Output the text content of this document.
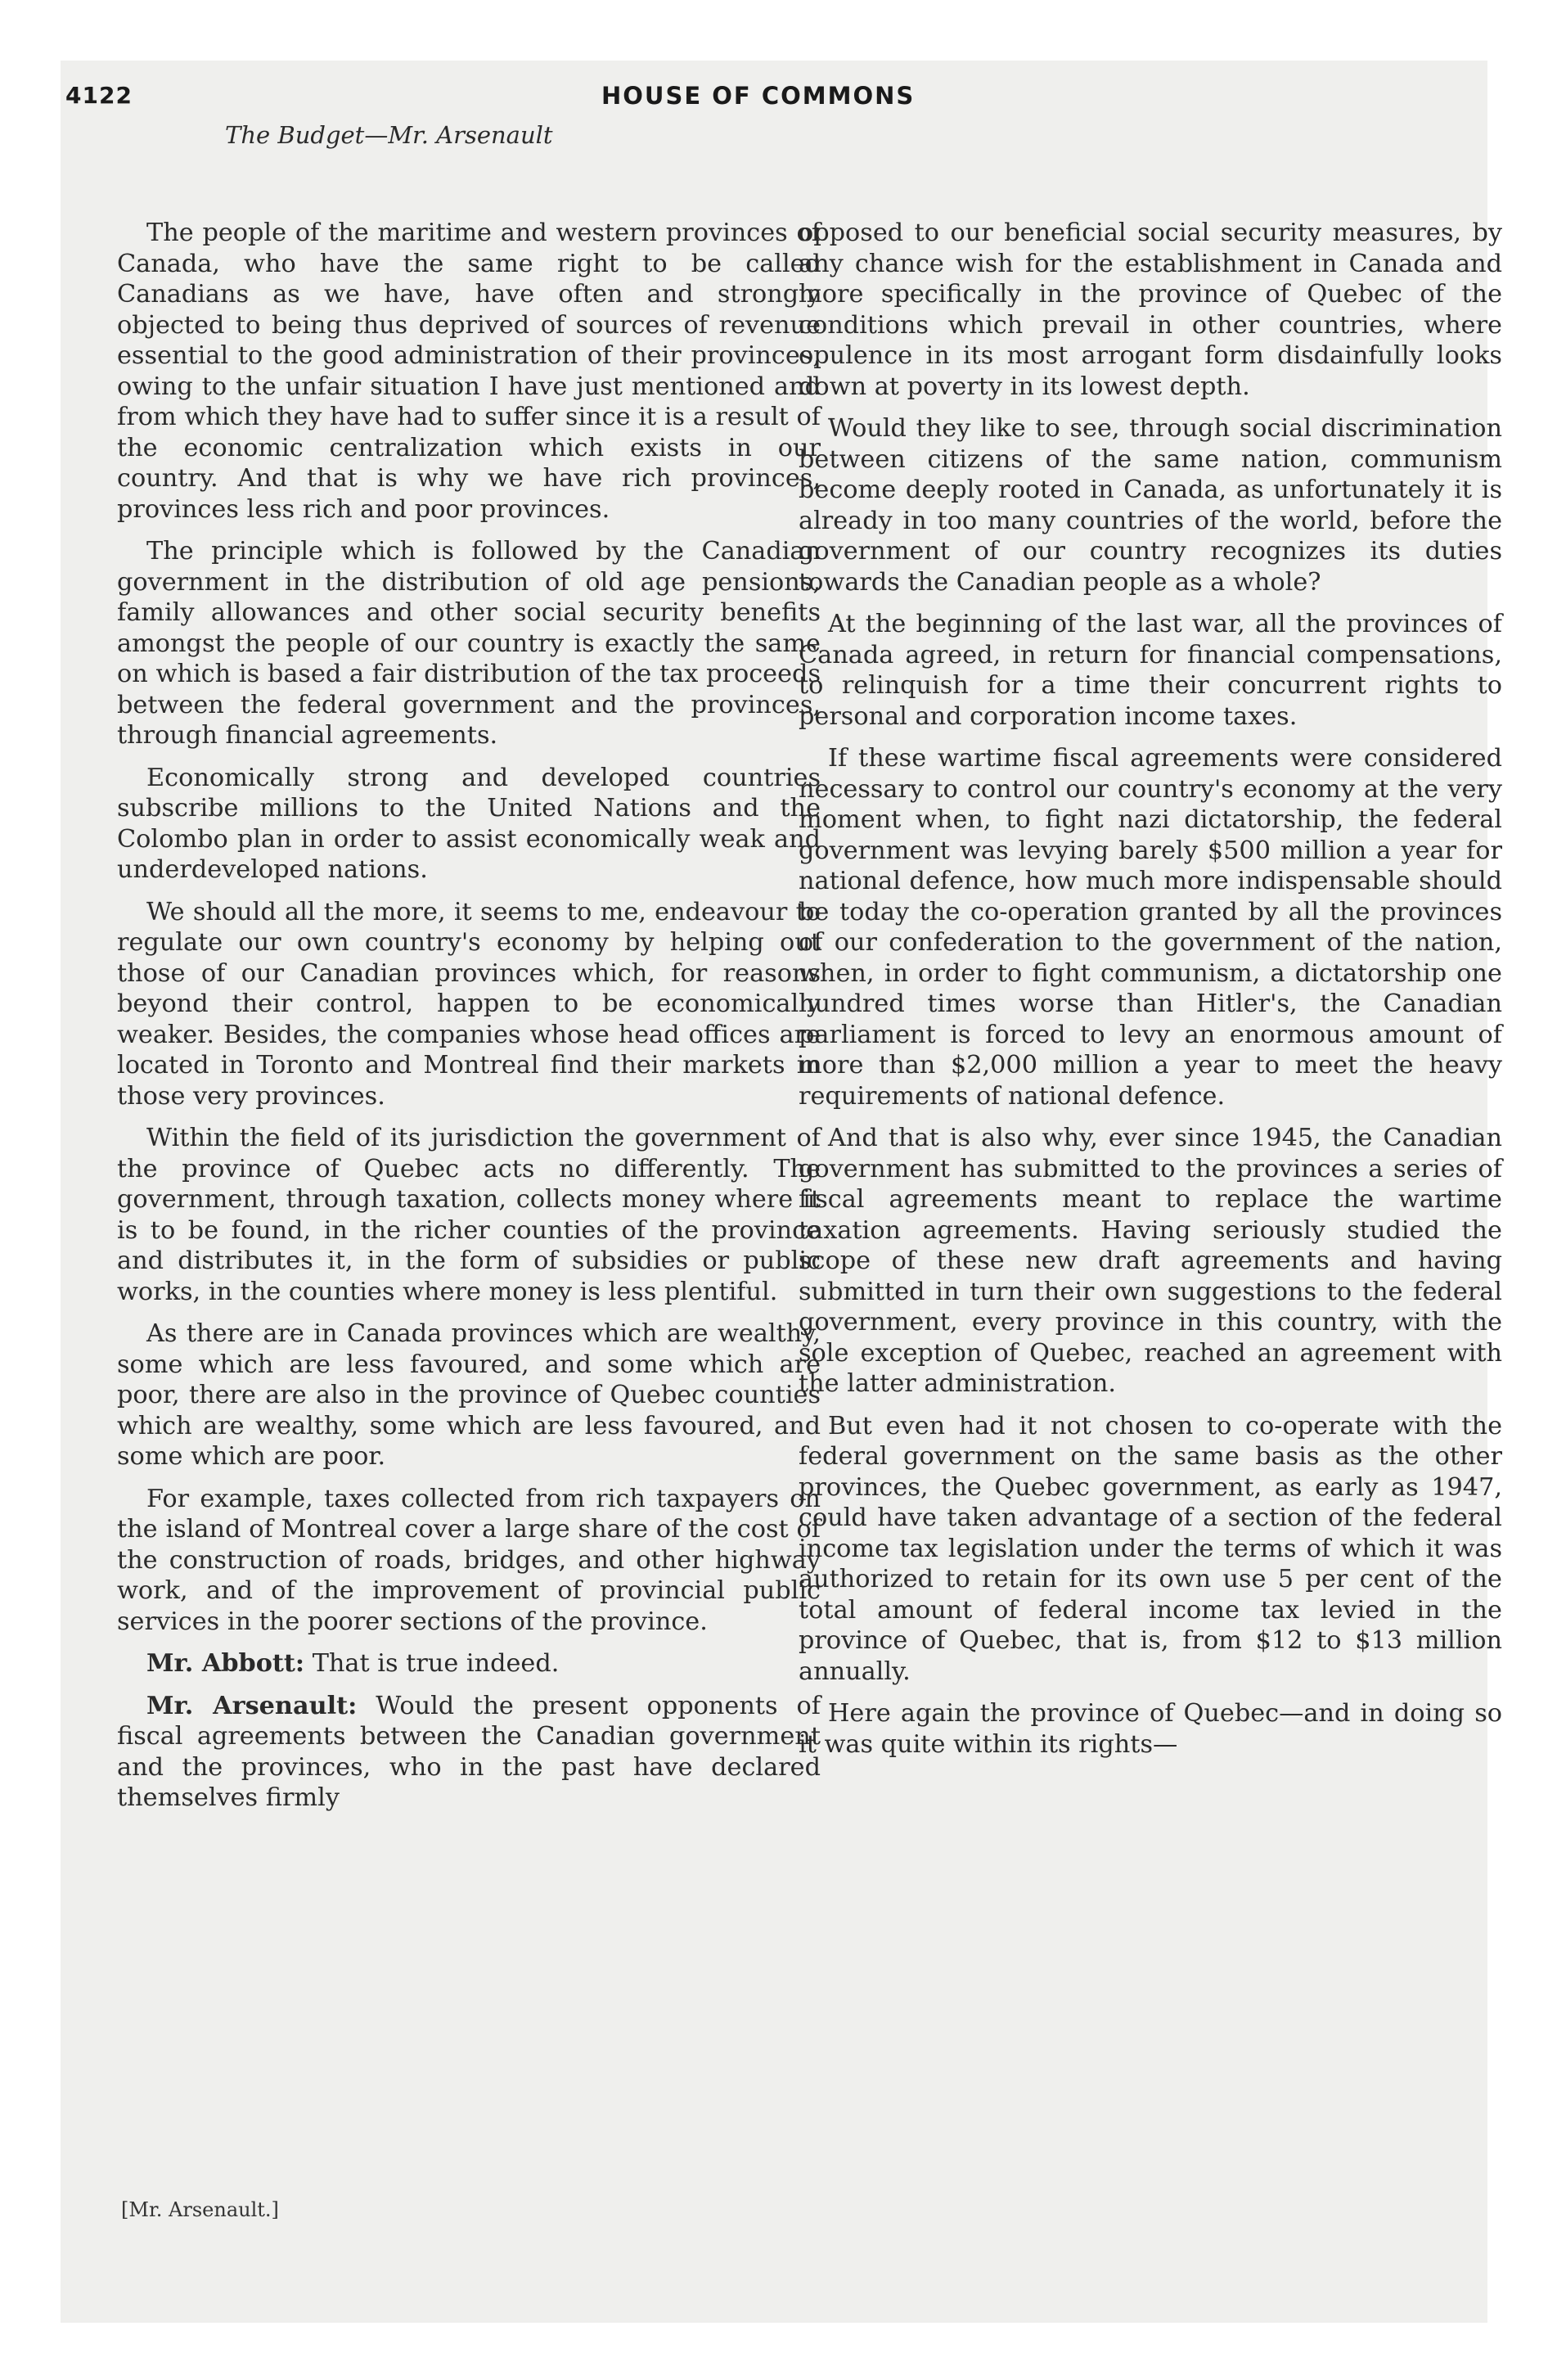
4122	HOUSE OF COMMONS
The Budget—Mr. Arsenault

The people of the maritime and western provinces of Canada, who have the same right to be called Canadians as we have, have often and strongly objected to being thus deprived of sources of revenue essential to the good administration of their provinces, owing to the unfair situation I have just mentioned and from which they have had to suffer since it is a result of the economic centralization which exists in our country. And that is why we have rich provinces, provinces less rich and poor provinces.

The principle which is followed by the Canadian government in the distribution of old age pensions, family allowances and other social security benefits amongst the people of our country is exactly the same on which is based a fair distribution of the tax proceeds between the federal government and the provinces, through financial agreements.

Economically strong and developed countries subscribe millions to the United Nations and the Colombo plan in order to assist economically weak and underdeveloped nations.

We should all the more, it seems to me, endeavour to regulate our own country's economy by helping out those of our Canadian provinces which, for reasons beyond their control, happen to be economically weaker. Besides, the companies whose head offices are located in Toronto and Montreal find their markets in those very provinces.

Within the field of its jurisdiction the government of the province of Quebec acts no differently. The government, through taxation, collects money where it is to be found, in the richer counties of the province and distributes it, in the form of subsidies or public works, in the counties where money is less plentiful.

As there are in Canada provinces which are wealthy, some which are less favoured, and some which are poor, there are also in the province of Quebec counties which are wealthy, some which are less favoured, and some which are poor.

For example, taxes collected from rich taxpayers on the island of Montreal cover a large share of the cost of the construction of roads, bridges, and other highway work, and of the improvement of provincial public services in the poorer sections of the province.

Mr. Abbott: That is true indeed.

Mr. Arsenault: Would the present opponents of fiscal agreements between the Canadian government and the provinces, who in the past have declared themselves firmly

opposed to our beneficial social security measures, by any chance wish for the establishment in Canada and more specifically in the province of Quebec of the conditions which prevail in other countries, where opulence in its most arrogant form disdainfully looks down at poverty in its lowest depth.

Would they like to see, through social discrimination between citizens of the same nation, communism become deeply rooted in Canada, as unfortunately it is already in too many countries of the world, before the government of our country recognizes its duties towards the Canadian people as a whole?

At the beginning of the last war, all the provinces of Canada agreed, in return for financial compensations, to relinquish for a time their concurrent rights to personal and corporation income taxes.

If these wartime fiscal agreements were considered necessary to control our country's economy at the very moment when, to fight nazi dictatorship, the federal government was levying barely $500 million a year for national defence, how much more indispensable should be today the co-operation granted by all the provinces of our confederation to the government of the nation, when, in order to fight communism, a dictatorship one hundred times worse than Hitler's, the Canadian parliament is forced to levy an enormous amount of more than $2,000 million a year to meet the heavy requirements of national defence.

And that is also why, ever since 1945, the Canadian government has submitted to the provinces a series of fiscal agreements meant to replace the wartime taxation agreements. Having seriously studied the scope of these new draft agreements and having submitted in turn their own suggestions to the federal government, every province in this country, with the sole exception of Quebec, reached an agreement with the latter administration.

But even had it not chosen to co-operate with the federal government on the same basis as the other provinces, the Quebec government, as early as 1947, could have taken advantage of a section of the federal income tax legislation under the terms of which it was authorized to retain for its own use 5 per cent of the total amount of federal income tax levied in the province of Quebec, that is, from $12 to $13 million annually.

Here again the province of Quebec—and in doing so it was quite within its rights—

[Mr. Arsenault.]
